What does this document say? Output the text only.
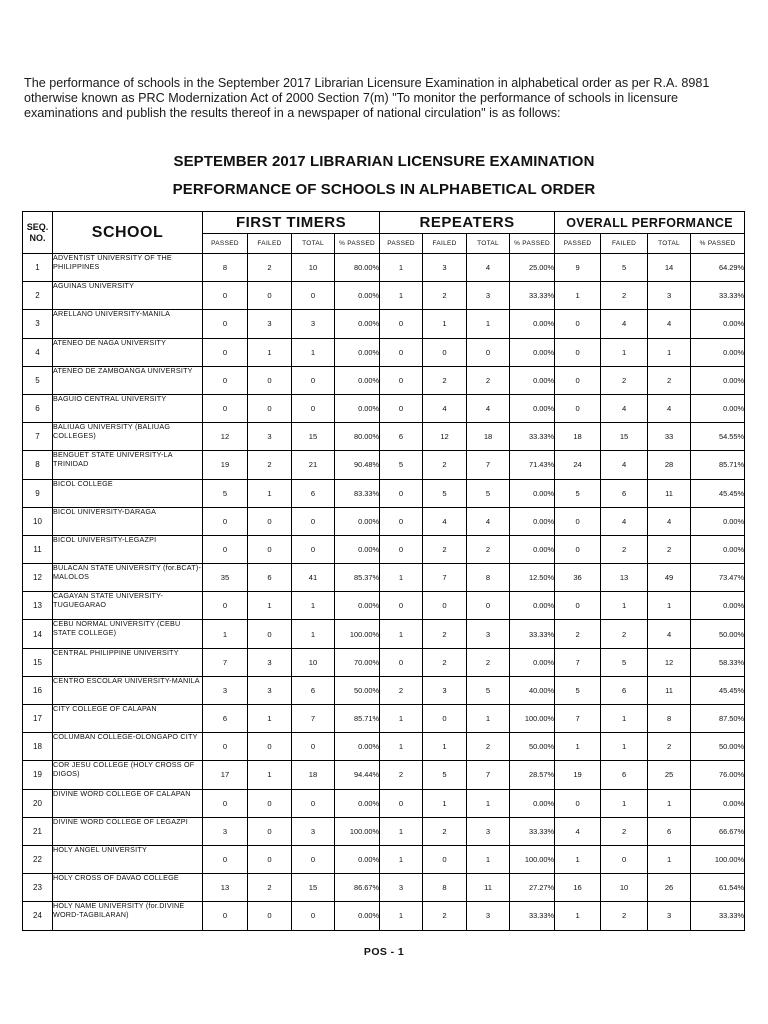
The performance of schools in the September 2017 Librarian Licensure Examination in alphabetical order as per R.A. 8981 otherwise known as PRC Modernization Act of 2000 Section 7(m) "To monitor the performance of schools in licensure examinations and publish the results thereof in a newspaper of national circulation" is as follows:
SEPTEMBER 2017 LIBRARIAN LICENSURE EXAMINATION
PERFORMANCE OF SCHOOLS IN ALPHABETICAL ORDER
SEQ.
NO.	SCHOOL	FIRST TIMERS				REPEATERS				OVERALL PERFORMANCE			
		PASSED	FAILED	TOTAL	% PASSED	PASSED	FAILED	TOTAL	% PASSED	PASSED	FAILED	TOTAL	% PASSED
1	ADVENTIST UNIVERSITY OF THE PHILIPPINES	8	2	10	80.00%	1	3	4	25.00%	9	5	14	64.29%
2	AGUINAS UNIVERSITY	0	0	0	0.00%	1	2	3	33.33%	1	2	3	33.33%
3	ARELLANO UNIVERSITY-MANILA	0	3	3	0.00%	0	1	1	0.00%	0	4	4	0.00%
4	ATENEO DE NAGA UNIVERSITY	0	1	1	0.00%	0	0	0	0.00%	0	1	1	0.00%
5	ATENEO DE ZAMBOANGA UNIVERSITY	0	0	0	0.00%	0	2	2	0.00%	0	2	2	0.00%
6	BAGUIO CENTRAL UNIVERSITY	0	0	0	0.00%	0	4	4	0.00%	0	4	4	0.00%
7	BALIUAG UNIVERSITY (BALIUAG COLLEGES)	12	3	15	80.00%	6	12	18	33.33%	18	15	33	54.55%
8	BENGUET STATE UNIVERSITY-LA TRINIDAD	19	2	21	90.48%	5	2	7	71.43%	24	4	28	85.71%
9	BICOL COLLEGE	5	1	6	83.33%	0	5	5	0.00%	5	6	11	45.45%
10	BICOL UNIVERSITY-DARAGA	0	0	0	0.00%	0	4	4	0.00%	0	4	4	0.00%
11	BICOL UNIVERSITY-LEGAZPI	0	0	0	0.00%	0	2	2	0.00%	0	2	2	0.00%
12	BULACAN STATE UNIVERSITY (for.BCAT)-MALOLOS	35	6	41	85.37%	1	7	8	12.50%	36	13	49	73.47%
13	CAGAYAN STATE UNIVERSITY-TUGUEGARAO	0	1	1	0.00%	0	0	0	0.00%	0	1	1	0.00%
14	CEBU NORMAL UNIVERSITY (CEBU STATE COLLEGE)	1	0	1	100.00%	1	2	3	33.33%	2	2	4	50.00%
15	CENTRAL PHILIPPINE UNIVERSITY	7	3	10	70.00%	0	2	2	0.00%	7	5	12	58.33%
16	CENTRO ESCOLAR UNIVERSITY-MANILA	3	3	6	50.00%	2	3	5	40.00%	5	6	11	45.45%
17	CITY COLLEGE OF CALAPAN	6	1	7	85.71%	1	0	1	100.00%	7	1	8	87.50%
18	COLUMBAN COLLEGE-OLONGAPO CITY	0	0	0	0.00%	1	1	2	50.00%	1	1	2	50.00%
19	COR JESU COLLEGE (HOLY CROSS OF DIGOS)	17	1	18	94.44%	2	5	7	28.57%	19	6	25	76.00%
20	DIVINE WORD COLLEGE OF CALAPAN	0	0	0	0.00%	0	1	1	0.00%	0	1	1	0.00%
21	DIVINE WORD COLLEGE OF LEGAZPI	3	0	3	100.00%	1	2	3	33.33%	4	2	6	66.67%
22	HOLY ANGEL UNIVERSITY	0	0	0	0.00%	1	0	1	100.00%	1	0	1	100.00%
23	HOLY CROSS OF DAVAO COLLEGE	13	2	15	86.67%	3	8	11	27.27%	16	10	26	61.54%
24	HOLY NAME UNIVERSITY (for.DIVINE WORD-TAGBILARAN)	0	0	0	0.00%	1	2	3	33.33%	1	2	3	33.33%
POS - 1
